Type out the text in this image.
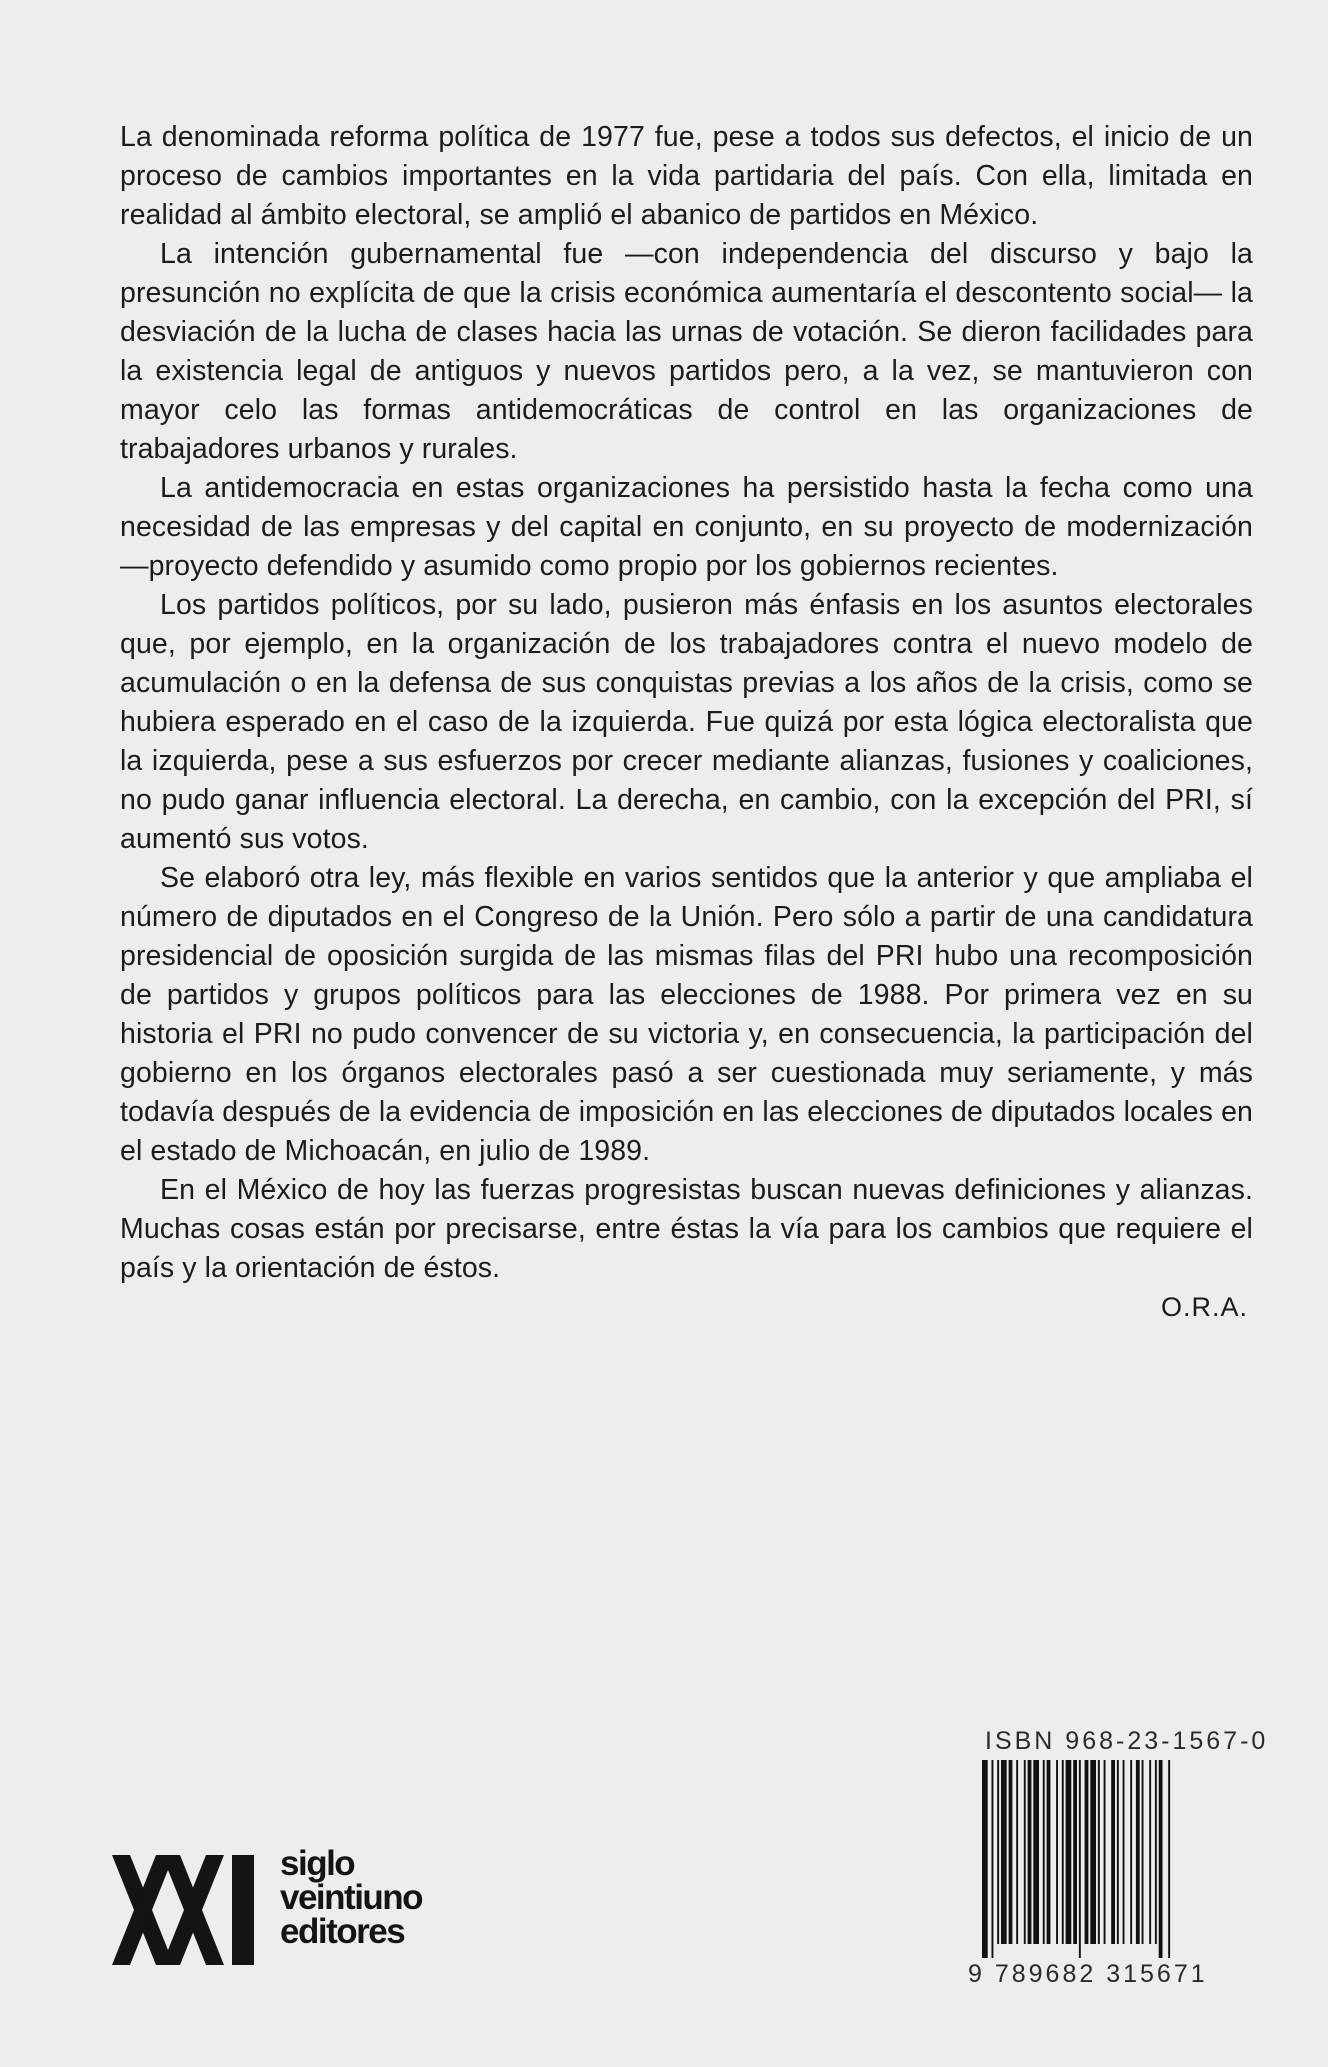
La denominada reforma política de 1977 fue, pese a todos sus defectos, el inicio de un proceso de cambios importantes en la vida partidaria del país. Con ella, limitada en realidad al ámbito electoral, se amplió el abanico de partidos en México.

La intención gubernamental fue —con independencia del discurso y bajo la presunción no explícita de que la crisis económica aumentaría el descontento social— la desviación de la lucha de clases hacia las urnas de votación. Se dieron facilidades para la existencia legal de antiguos y nuevos partidos pero, a la vez, se mantuvieron con mayor celo las formas antidemocráticas de control en las organizaciones de trabajadores urbanos y rurales.

La antidemocracia en estas organizaciones ha persistido hasta la fecha como una necesidad de las empresas y del capital en conjunto, en su proyecto de modernización —proyecto defendido y asumido como propio por los gobiernos recientes.

Los partidos políticos, por su lado, pusieron más énfasis en los asuntos electorales que, por ejemplo, en la organización de los trabajadores contra el nuevo modelo de acumulación o en la defensa de sus conquistas previas a los años de la crisis, como se hubiera esperado en el caso de la izquierda. Fue quizá por esta lógica electoralista que la izquierda, pese a sus esfuerzos por crecer mediante alianzas, fusiones y coaliciones, no pudo ganar influencia electoral. La derecha, en cambio, con la excepción del PRI, sí aumentó sus votos.

Se elaboró otra ley, más flexible en varios sentidos que la anterior y que ampliaba el número de diputados en el Congreso de la Unión. Pero sólo a partir de una candidatura presidencial de oposición surgida de las mismas filas del PRI hubo una recomposición de partidos y grupos políticos para las elecciones de 1988. Por primera vez en su historia el PRI no pudo convencer de su victoria y, en consecuencia, la participación del gobierno en los órganos electorales pasó a ser cuestionada muy seriamente, y más todavía después de la evidencia de imposición en las elecciones de diputados locales en el estado de Michoacán, en julio de 1989.

En el México de hoy las fuerzas progresistas buscan nuevas definiciones y alianzas. Muchas cosas están por precisarse, entre éstas la vía para los cambios que requiere el país y la orientación de éstos.

O.R.A.
ISBN 968-23-1567-0
9 789682 315671
siglo
veintiuno
editores
